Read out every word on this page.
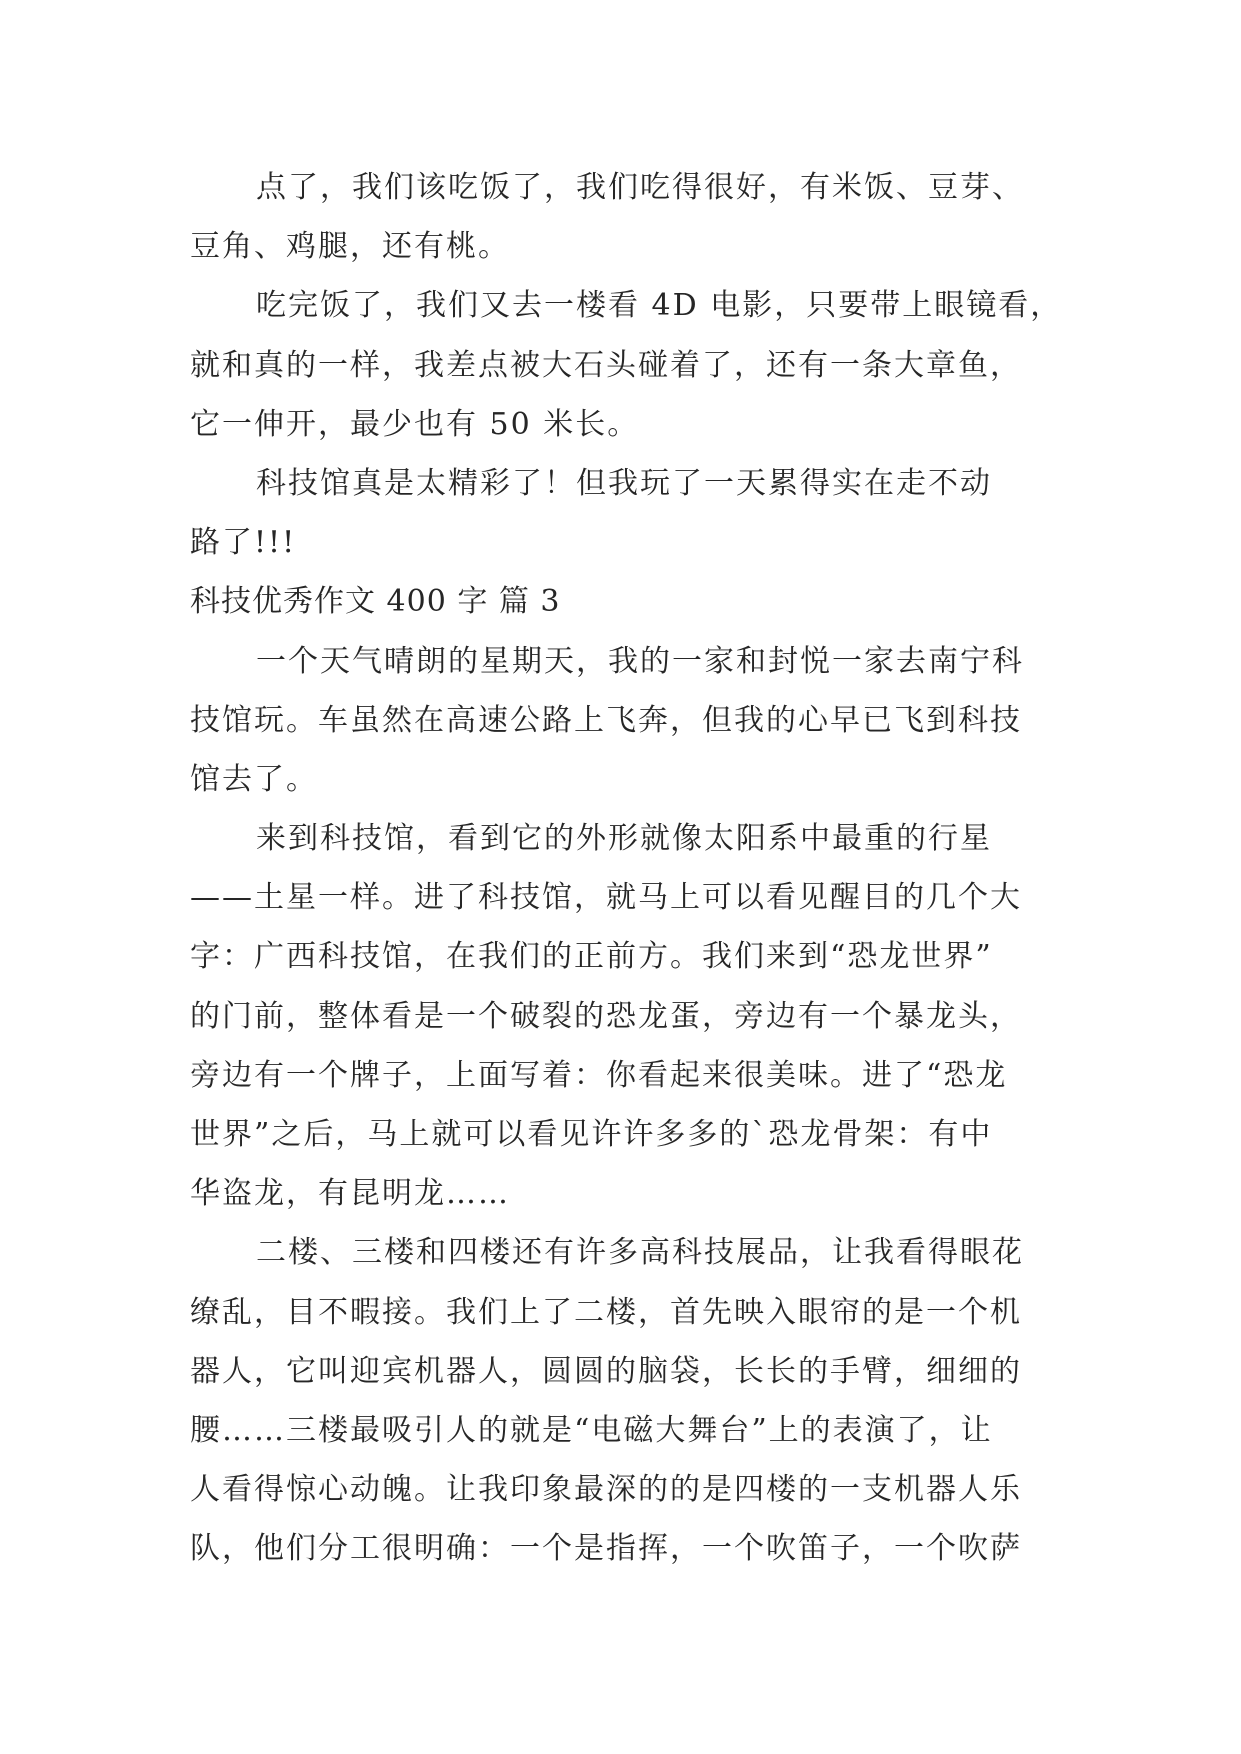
点了，我们该吃饭了，我们吃得很好，有米饭、豆芽、
豆角、鸡腿，还有桃。
吃完饭了，我们又去一楼看 4D 电影，只要带上眼镜看，
就和真的一样，我差点被大石头碰着了，还有一条大章鱼，
它一伸开，最少也有 50 米长。
科技馆真是太精彩了！但我玩了一天累得实在走不动
路了!!!
科技优秀作文 400 字 篇 3
一个天气晴朗的星期天，我的一家和封悦一家去南宁科
技馆玩。车虽然在高速公路上飞奔，但我的心早已飞到科技
馆去了。
来到科技馆，看到它的外形就像太阳系中最重的行星
——土星一样。进了科技馆，就马上可以看见醒目的几个大
字：广西科技馆，在我们的正前方。我们来到“恐龙世界”
的门前，整体看是一个破裂的恐龙蛋，旁边有一个暴龙头，
旁边有一个牌子，上面写着：你看起来很美味。进了“恐龙
世界”之后，马上就可以看见许许多多的`恐龙骨架：有中
华盗龙，有昆明龙……
二楼、三楼和四楼还有许多高科技展品，让我看得眼花
缭乱，目不暇接。我们上了二楼，首先映入眼帘的是一个机
器人，它叫迎宾机器人，圆圆的脑袋，长长的手臂，细细的
腰……三楼最吸引人的就是“电磁大舞台”上的表演了，让
人看得惊心动魄。让我印象最深的的是四楼的一支机器人乐
队，他们分工很明确：一个是指挥，一个吹笛子，一个吹萨
